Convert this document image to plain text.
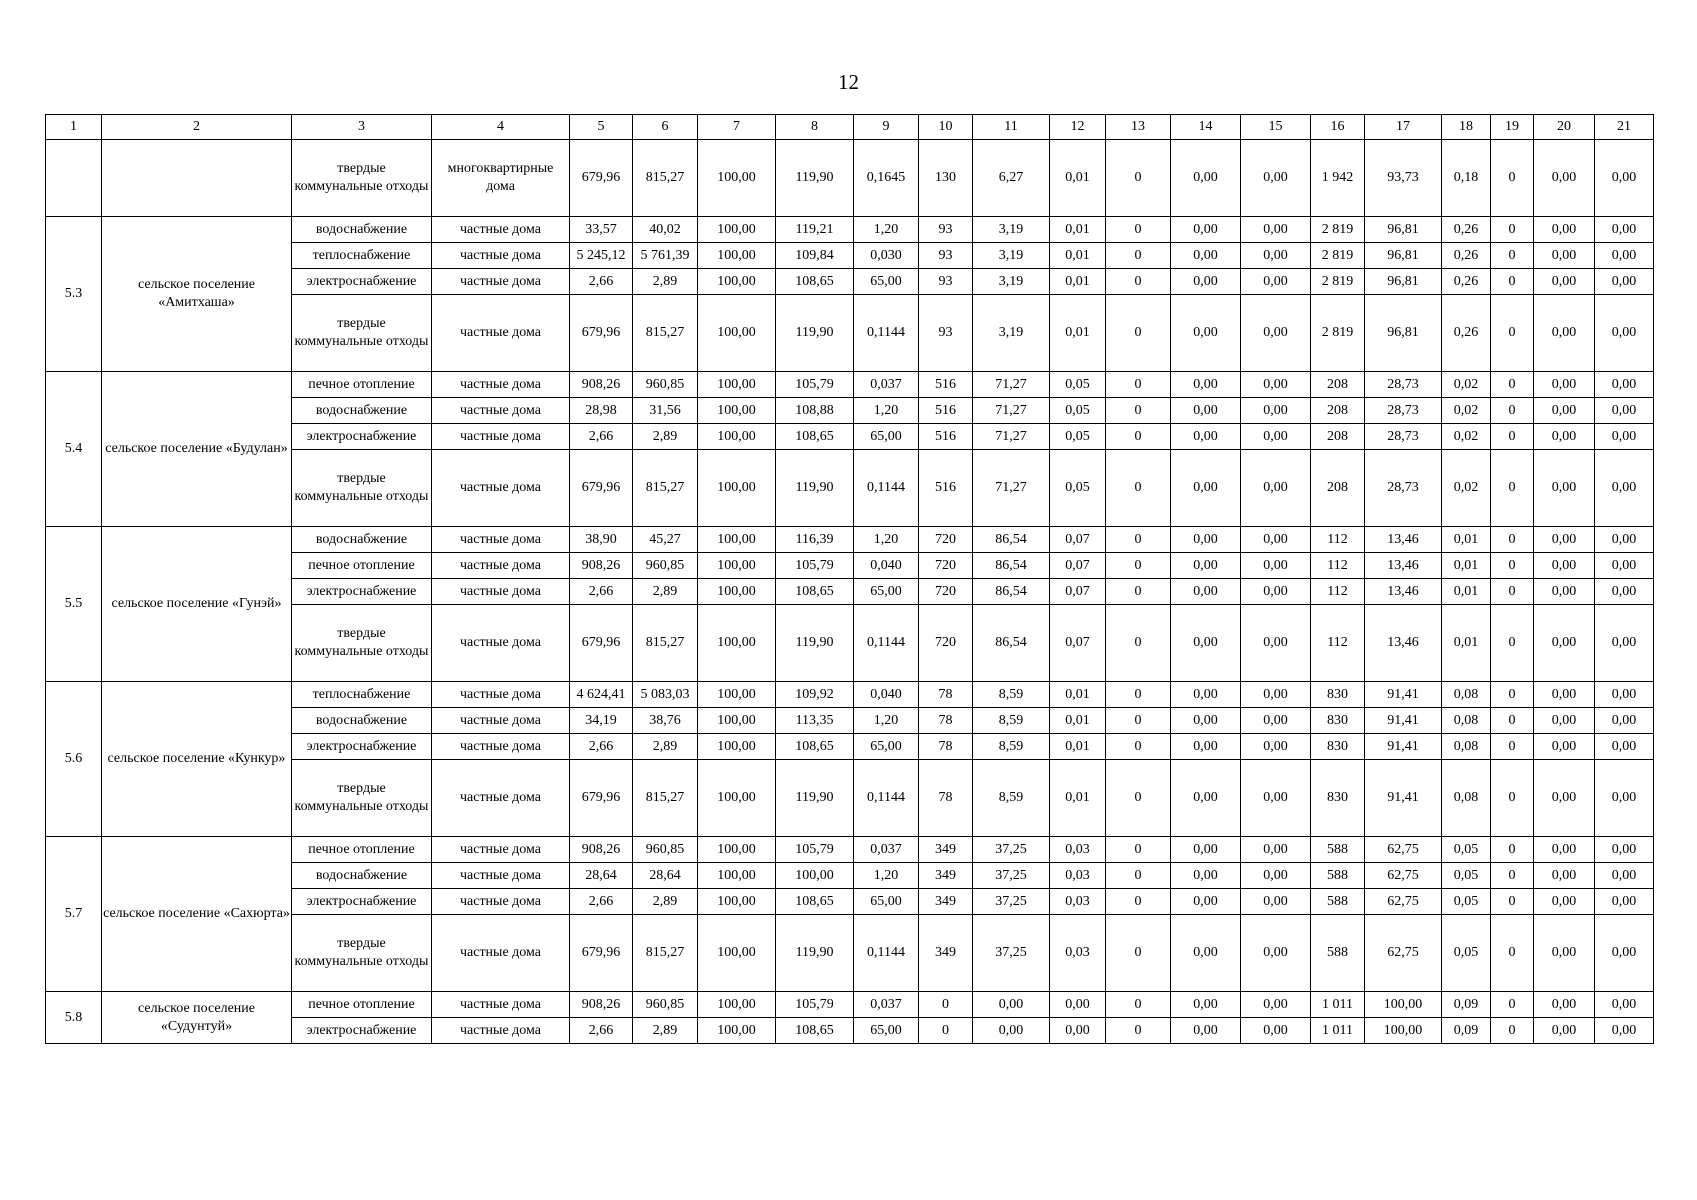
12
1	2	3	4	5	6	7	8	9	10	11	12	13	14	15	16	17	18	19	20	21
		твердые коммунальные отходы	многоквартирные дома	679,96	815,27	100,00	119,90	0,1645	130	6,27	0,01	0	0,00	0,00	1 942	93,73	0,18	0	0,00	0,00
5.3	сельское поселение «Амитхаша»	водоснабжение	частные дома	33,57	40,02	100,00	119,21	1,20	93	3,19	0,01	0	0,00	0,00	2 819	96,81	0,26	0	0,00	0,00
		теплоснабжение	частные дома	5 245,12	5 761,39	100,00	109,84	0,030	93	3,19	0,01	0	0,00	0,00	2 819	96,81	0,26	0	0,00	0,00
		электроснабжение	частные дома	2,66	2,89	100,00	108,65	65,00	93	3,19	0,01	0	0,00	0,00	2 819	96,81	0,26	0	0,00	0,00
		твердые коммунальные отходы	частные дома	679,96	815,27	100,00	119,90	0,1144	93	3,19	0,01	0	0,00	0,00	2 819	96,81	0,26	0	0,00	0,00
5.4	сельское поселение «Будулан»	печное отопление	частные дома	908,26	960,85	100,00	105,79	0,037	516	71,27	0,05	0	0,00	0,00	208	28,73	0,02	0	0,00	0,00
		водоснабжение	частные дома	28,98	31,56	100,00	108,88	1,20	516	71,27	0,05	0	0,00	0,00	208	28,73	0,02	0	0,00	0,00
		электроснабжение	частные дома	2,66	2,89	100,00	108,65	65,00	516	71,27	0,05	0	0,00	0,00	208	28,73	0,02	0	0,00	0,00
		твердые коммунальные отходы	частные дома	679,96	815,27	100,00	119,90	0,1144	516	71,27	0,05	0	0,00	0,00	208	28,73	0,02	0	0,00	0,00
5.5	сельское поселение «Гунэй»	водоснабжение	частные дома	38,90	45,27	100,00	116,39	1,20	720	86,54	0,07	0	0,00	0,00	112	13,46	0,01	0	0,00	0,00
		печное отопление	частные дома	908,26	960,85	100,00	105,79	0,040	720	86,54	0,07	0	0,00	0,00	112	13,46	0,01	0	0,00	0,00
		электроснабжение	частные дома	2,66	2,89	100,00	108,65	65,00	720	86,54	0,07	0	0,00	0,00	112	13,46	0,01	0	0,00	0,00
		твердые коммунальные отходы	частные дома	679,96	815,27	100,00	119,90	0,1144	720	86,54	0,07	0	0,00	0,00	112	13,46	0,01	0	0,00	0,00
5.6	сельское поселение «Кункур»	теплоснабжение	частные дома	4 624,41	5 083,03	100,00	109,92	0,040	78	8,59	0,01	0	0,00	0,00	830	91,41	0,08	0	0,00	0,00
		водоснабжение	частные дома	34,19	38,76	100,00	113,35	1,20	78	8,59	0,01	0	0,00	0,00	830	91,41	0,08	0	0,00	0,00
		электроснабжение	частные дома	2,66	2,89	100,00	108,65	65,00	78	8,59	0,01	0	0,00	0,00	830	91,41	0,08	0	0,00	0,00
		твердые коммунальные отходы	частные дома	679,96	815,27	100,00	119,90	0,1144	78	8,59	0,01	0	0,00	0,00	830	91,41	0,08	0	0,00	0,00
5.7	сельское поселение «Сахюрта»	печное отопление	частные дома	908,26	960,85	100,00	105,79	0,037	349	37,25	0,03	0	0,00	0,00	588	62,75	0,05	0	0,00	0,00
		водоснабжение	частные дома	28,64	28,64	100,00	100,00	1,20	349	37,25	0,03	0	0,00	0,00	588	62,75	0,05	0	0,00	0,00
		электроснабжение	частные дома	2,66	2,89	100,00	108,65	65,00	349	37,25	0,03	0	0,00	0,00	588	62,75	0,05	0	0,00	0,00
		твердые коммунальные отходы	частные дома	679,96	815,27	100,00	119,90	0,1144	349	37,25	0,03	0	0,00	0,00	588	62,75	0,05	0	0,00	0,00
5.8	сельское поселение «Судунтуй»	печное отопление	частные дома	908,26	960,85	100,00	105,79	0,037	0	0,00	0,00	0	0,00	0,00	1 011	100,00	0,09	0	0,00	0,00
		электроснабжение	частные дома	2,66	2,89	100,00	108,65	65,00	0	0,00	0,00	0	0,00	0,00	1 011	100,00	0,09	0	0,00	0,00
